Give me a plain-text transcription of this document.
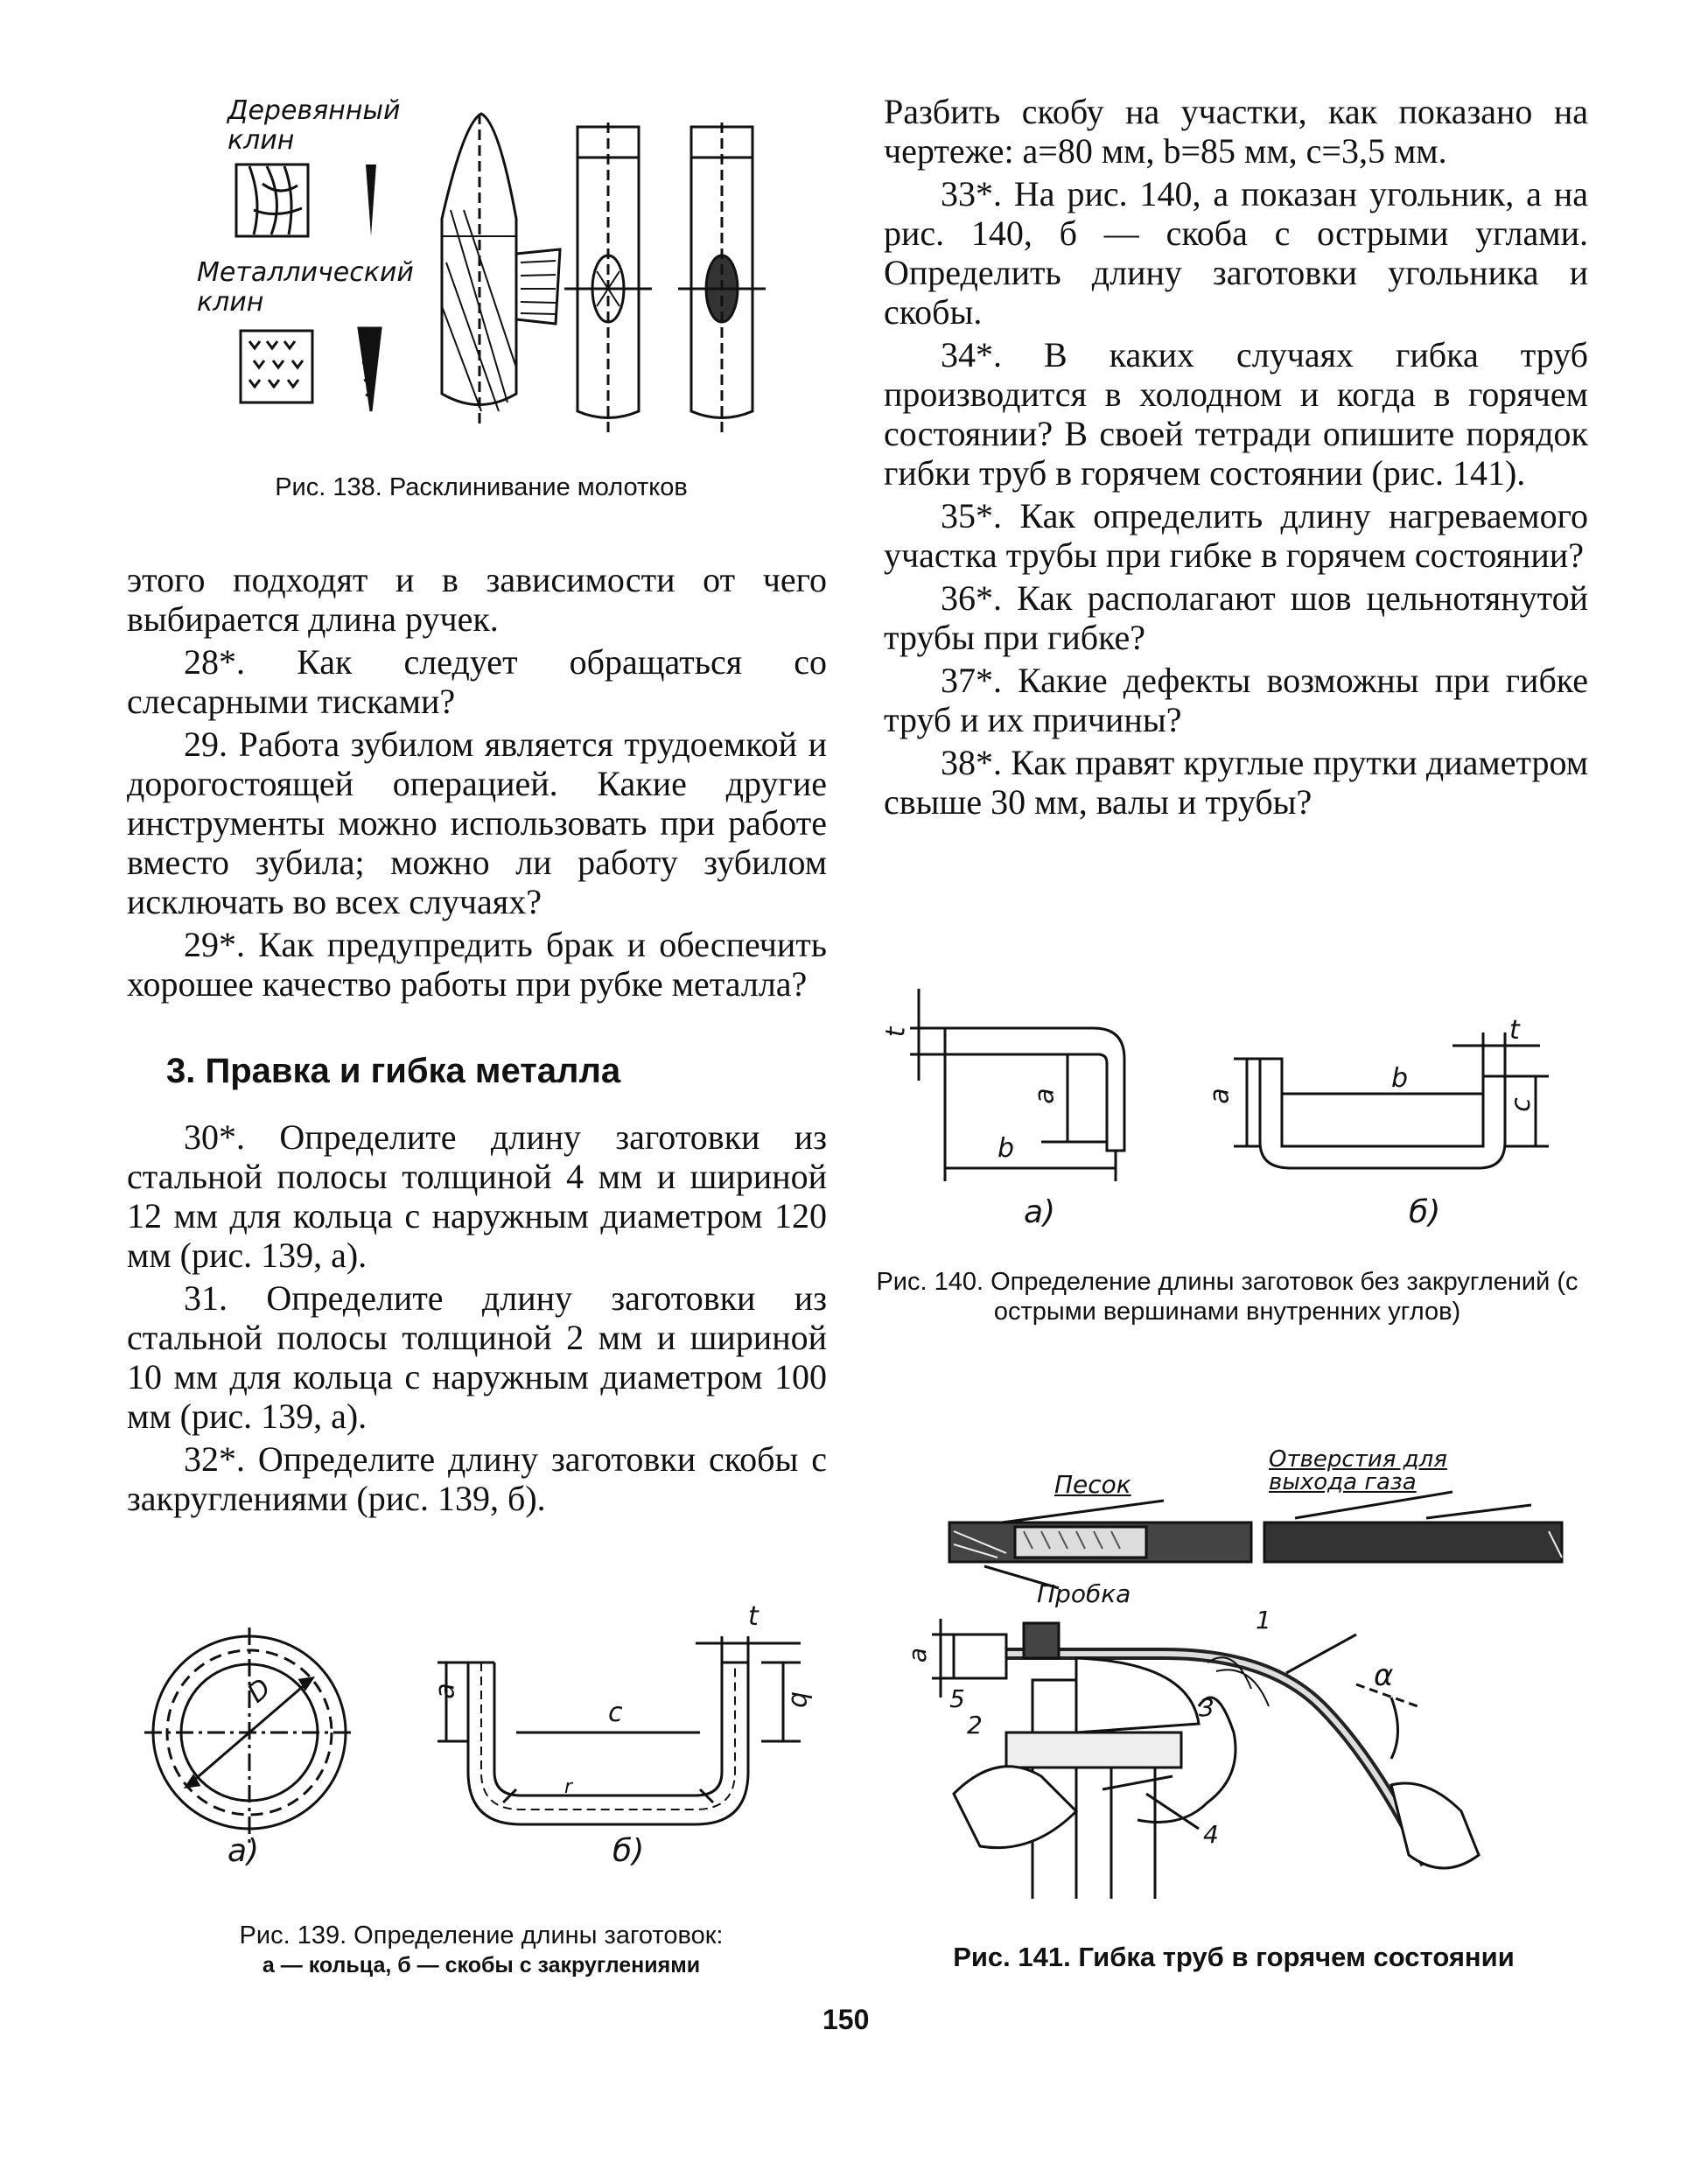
Деревянный клин
Металлический клин
Рис. 138. Расклинивание молотков

этого подходят и в зависимости от чего выбирается длина ручек.

28*. Как следует обращаться со слесарными тисками?

29. Работа зубилом является трудоемкой и дорогостоящей операцией. Какие другие инструменты можно использовать при работе вместо зубила; можно ли работу зубилом исключать во всех случаях?

29*. Как предупредить брак и обеспечить хорошее качество работы при рубке металла?

3. Правка и гибка металла

30*. Определите длину заготовки из стальной полосы толщиной 4 мм и шириной 12 мм для кольца с наружным диаметром 120 мм (рис. 139, а).

31. Определите длину заготовки из стальной полосы толщиной 2 мм и шириной 10 мм для кольца с наружным диаметром 100 мм (рис. 139, а).

32*. Определите длину заготовки скобы с закруглениями (рис. 139, б).

D
а)
a
c	b
t
r
б)
Рис. 139. Определение длины заготовок:
а — кольца, б — скобы с закруглениями

Разбить скобу на участки, как показано на чертеже: а=80 мм, b=85 мм, с=3,5 мм.

33*. На рис. 140, а показан угольник, а на рис. 140, б — скоба с острыми углами. Определить длину заготовки угольника и скобы.

34*. В каких случаях гибка труб производится в холодном и когда в горячем состоянии? В своей тетради опишите порядок гибки труб в горячем состоянии (рис. 141).

35*. Как определить длину нагреваемого участка трубы при гибке в горячем состоянии?

36*. Как располагают шов цельнотянутой трубы при гибке?

37*. Какие дефекты возможны при гибке труб и их причины?

38*. Как правят круглые прутки диаметром свыше 30 мм, валы и трубы?

t
a
b
а)
a
b
c
t
б)
Рис. 140. Определение длины заготовок без закруглений (с острыми вершинами внутренних углов)
Песок
Отверстия для выхода газа
Пробка
1
2
3
4
5
a
α
Рис. 141. Гибка труб в горячем состоянии
150
